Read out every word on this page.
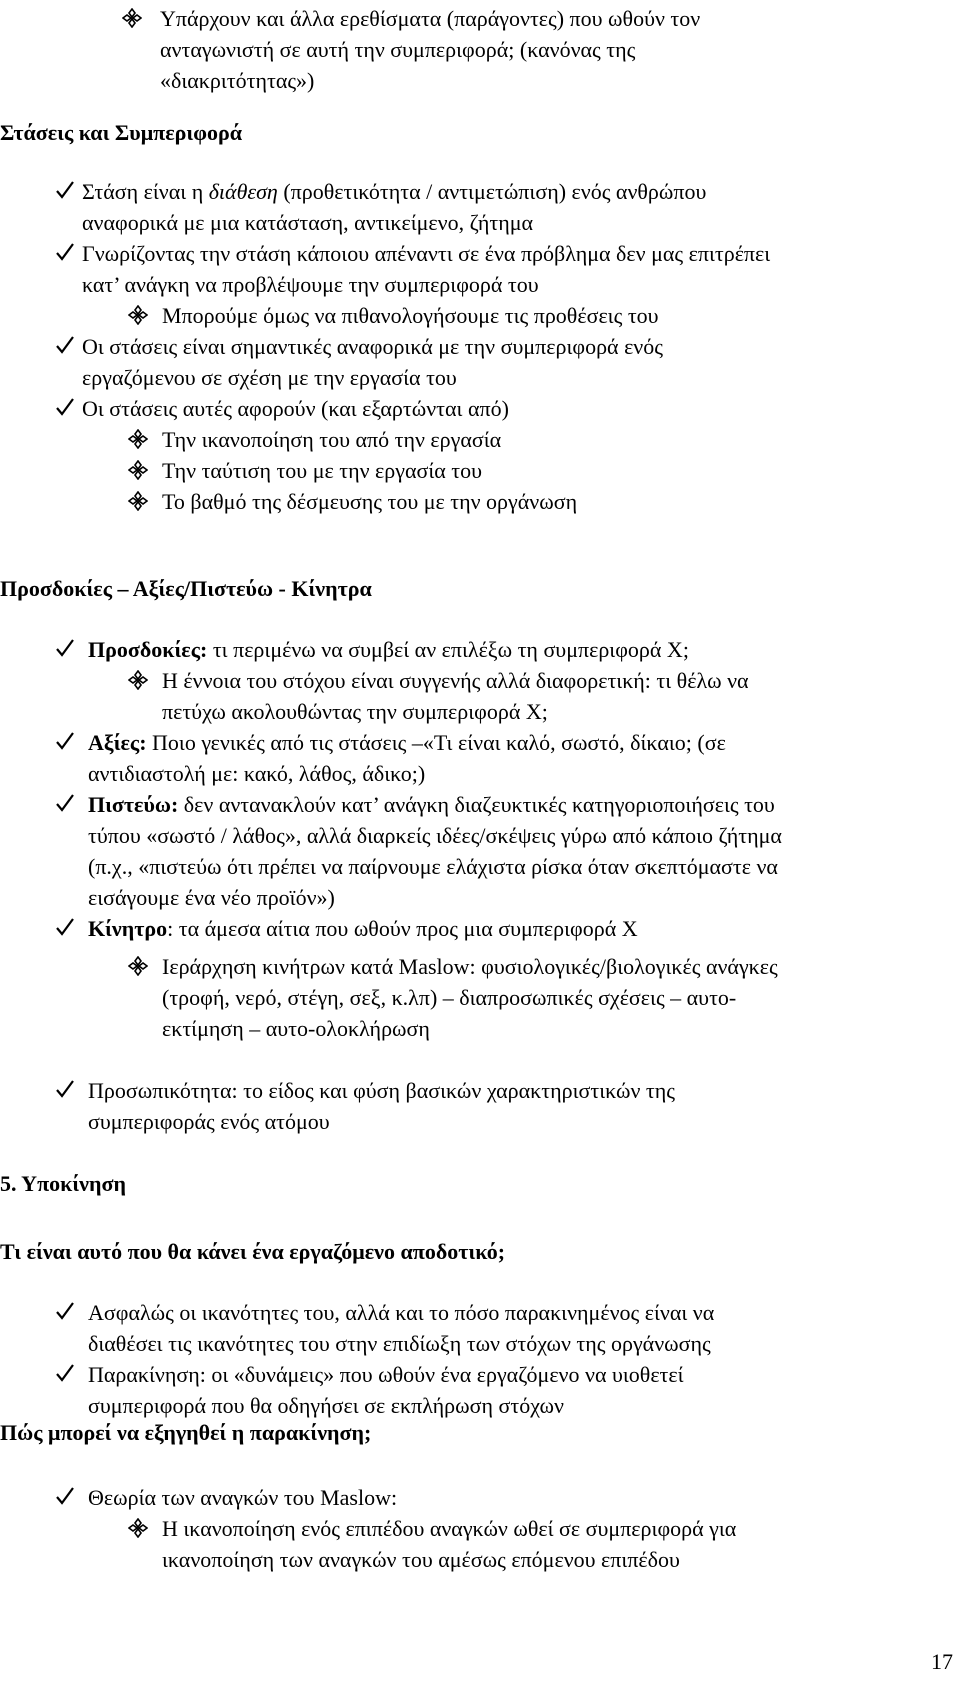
Υπάρχουν και άλλα ερεθίσματα (παράγοντες) που ωθούν τον
ανταγωνιστή σε αυτή την συμπεριφορά; (κανόνας της
«διακριτότητας»)
Στάσεις και Συμπεριφορά
Στάση είναι η διάθεση (προθετικότητα / αντιμετώπιση) ενός ανθρώπου
αναφορικά με μια κατάσταση, αντικείμενο, ζήτημα
Γνωρίζοντας την στάση κάποιου απέναντι σε ένα πρόβλημα δεν μας επιτρέπει
κατ’ ανάγκη να προβλέψουμε την συμπεριφορά του
Μπορούμε όμως να πιθανολογήσουμε τις προθέσεις του
Οι στάσεις είναι σημαντικές αναφορικά με την συμπεριφορά ενός
εργαζόμενου σε σχέση με την εργασία του
Οι στάσεις αυτές αφορούν (και εξαρτώνται από)
Την ικανοποίηση του από την εργασία
Την ταύτιση του με την εργασία του
Το βαθμό της δέσμευσης του με την οργάνωση
Προσδοκίες – Αξίες/Πιστεύω - Κίνητρα
Προσδοκίες: τι περιμένω να συμβεί αν επιλέξω τη συμπεριφορά Χ;
Η έννοια του στόχου είναι συγγενής αλλά διαφορετική: τι θέλω να
πετύχω ακολουθώντας την συμπεριφορά Χ;
Αξίες: Ποιο γενικές από τις στάσεις –«Τι είναι καλό, σωστό, δίκαιο; (σε
αντιδιαστολή με: κακό, λάθος, άδικο;)
Πιστεύω: δεν αντανακλούν κατ’ ανάγκη διαζευκτικές κατηγοριοποιήσεις του
τύπου «σωστό / λάθος», αλλά διαρκείς ιδέες/σκέψεις γύρω από κάποιο ζήτημα
(π.χ., «πιστεύω ότι πρέπει να παίρνουμε ελάχιστα ρίσκα όταν σκεπτόμαστε να
εισάγουμε ένα νέο προϊόν»)
Κίνητρο: τα άμεσα αίτια που ωθούν προς μια συμπεριφορά Χ
Ιεράρχηση κινήτρων κατά Maslow: φυσιολογικές/βιολογικές ανάγκες
(τροφή, νερό, στέγη, σεξ, κ.λπ) – διαπροσωπικές σχέσεις – αυτο-
εκτίμηση – αυτο-ολοκλήρωση
Προσωπικότητα: το είδος και φύση βασικών χαρακτηριστικών της
συμπεριφοράς ενός ατόμου
5. Υποκίνηση
Τι είναι αυτό που θα κάνει ένα εργαζόμενο αποδοτικό;
Ασφαλώς οι ικανότητες του, αλλά και το πόσο παρακινημένος είναι να
διαθέσει τις ικανότητες του στην επιδίωξη των στόχων της οργάνωσης
Παρακίνηση: οι «δυνάμεις» που ωθούν ένα εργαζόμενο να υιοθετεί
συμπεριφορά που θα οδηγήσει σε εκπλήρωση στόχων
Πώς μπορεί να εξηγηθεί η παρακίνηση;
Θεωρία των αναγκών του Maslow:
Η ικανοποίηση ενός επιπέδου αναγκών ωθεί σε συμπεριφορά για
ικανοποίηση των αναγκών του αμέσως επόμενου επιπέδου
17
